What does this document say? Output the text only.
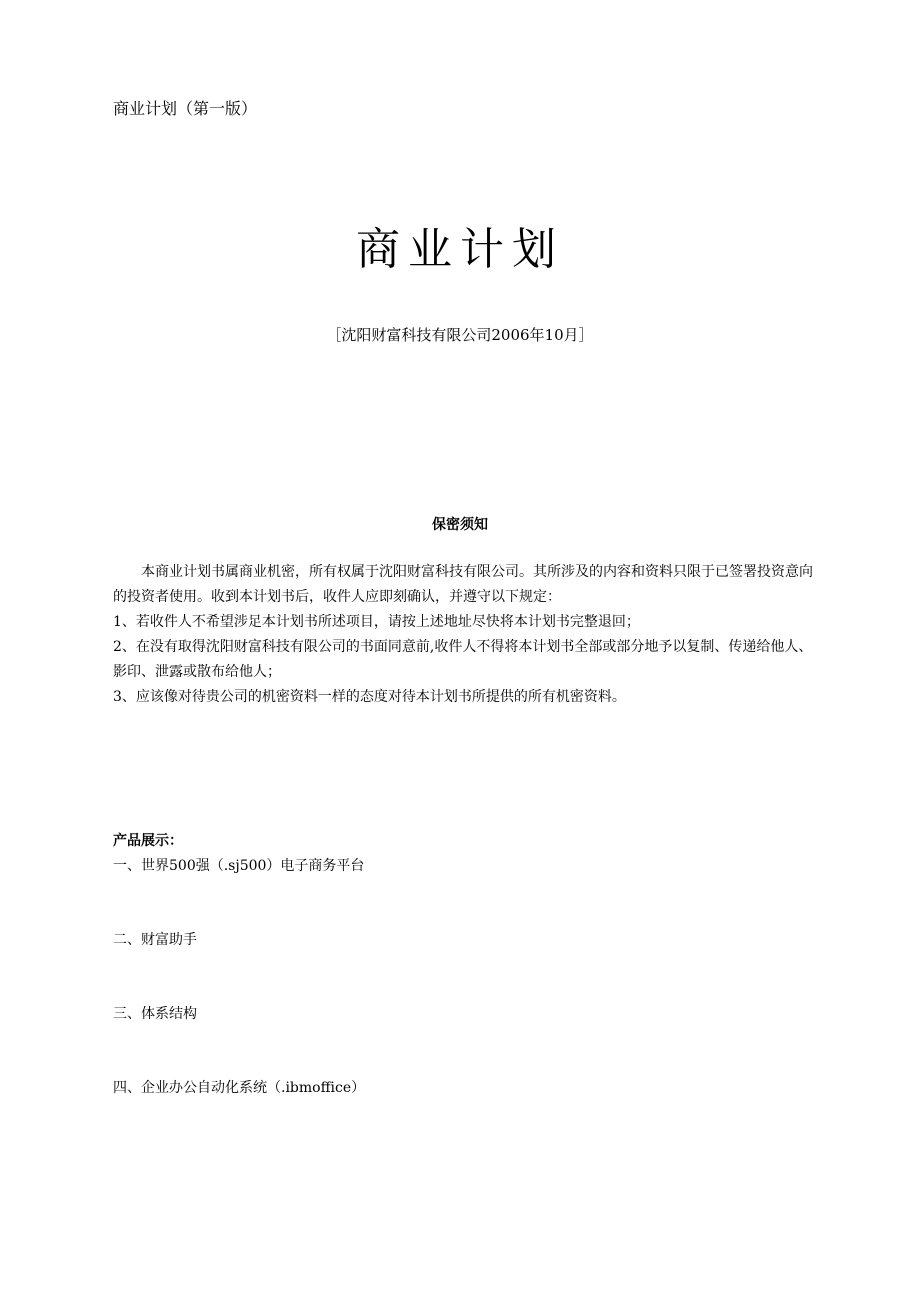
商业计划（第一版）
商业计划
［沈阳财富科技有限公司2006年10月］
保密须知

本商业计划书属商业机密，所有权属于沈阳财富科技有限公司。其所涉及的内容和资料只限于已签署投资意向的投资者使用。收到本计划书后，收件人应即刻确认，并遵守以下规定：

1、若收件人不希望涉足本计划书所述项目，请按上述地址尽快将本计划书完整退回；

2、在没有取得沈阳财富科技有限公司的书面同意前,收件人不得将本计划书全部或部分地予以复制、传递给他人、影印、泄露或散布给他人；

3、应该像对待贵公司的机密资料一样的态度对待本计划书所提供的所有机密资料。

产品展示：
一、世界500强（.sj500）电子商务平台
二、财富助手
三、体系结构
四、企业办公自动化系统（.ibmoffice）
